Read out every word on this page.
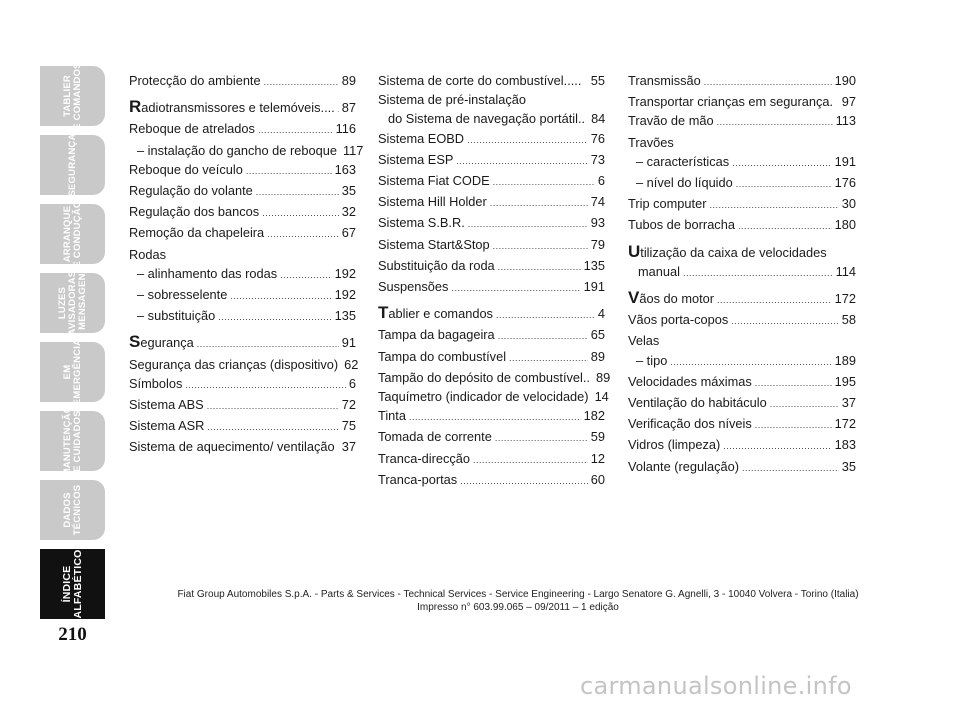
TABLIER
E COMANDOS
SEGURANÇA
ARRANQUE
E CONDUÇÃO
LUZES
AVISADORAS
E MENSAGENS
EM
EMERGÊNCIA
MANUTENÇÃO
E CUIDADOS
DADOS
TÉCNICOS
ÍNDICE
ALFABÉTICO
210
Protecção do ambiente . . .	89
Radiotransmissores e telemóveis.... . . . 87
Reboque de atrelados . . .	116
– instalação do gancho de reboque 117
Reboque do veículo . . .	163
Regulação do volante . . .	35
Regulação dos bancos . . .	32
Remoção da chapeleira . . .	67
Rodas
– alinhamento das rodas . . .	192
– sobresselente . . .	192
– substituição . . .	135
Segurança . . .	91
Segurança das crianças (dispositivo) 62
Símbolos . . .	6
Sistema ABS . . .	72
Sistema ASR . . .	75
Sistema de aquecimento/ ventilação 37
Sistema de corte do combustível..... 55
Sistema de pré-instalação
do Sistema de navegação portátil.. 84
Sistema EOBD . . .	76
Sistema ESP . . .	73
Sistema Fiat CODE . . .	6
Sistema Hill Holder . . .	74
Sistema S.B.R. . . .	93
Sistema Start&Stop . . .	79
Substituição da roda . . .	135
Suspensões . . .	191
Tablier e comandos . . .	4
Tampa da bagageira . . .	65
Tampa do combustível . . .	89
Tampão do depósito de combustível.. 89
Taquímetro (indicador de velocidade) 14
Tinta . . .	182
Tomada de corrente . . .	59
Tranca-direcção . . .	12
Tranca-portas . . .	60
Transmissão . . .	190
Transportar crianças em segurança. 97
Travão de mão . . .	113
Travões
– características . . .	191
– nível do líquido . . .	176
Trip computer . . .	30
Tubos de borracha . . .	180
Utilização da caixa de velocidades
manual . . .	114
Vãos do motor . . .	172
Vãos porta-copos . . .	58
Velas
– tipo . . .	189
Velocidades máximas . . .	195
Ventilação do habitáculo . . .	37
Verificação dos níveis . . .	172
Vidros (limpeza) . . .	183
Volante (regulação) . . .	35
Fiat Group Automobiles S.p.A. - Parts & Services - Technical Services - Service Engineering - Largo Senatore G. Agnelli, 3 - 10040 Volvera - Torino (Italia)
Impresso n° 603.99.065 – 09/2011 – 1 edição
carmanualsonline.info
